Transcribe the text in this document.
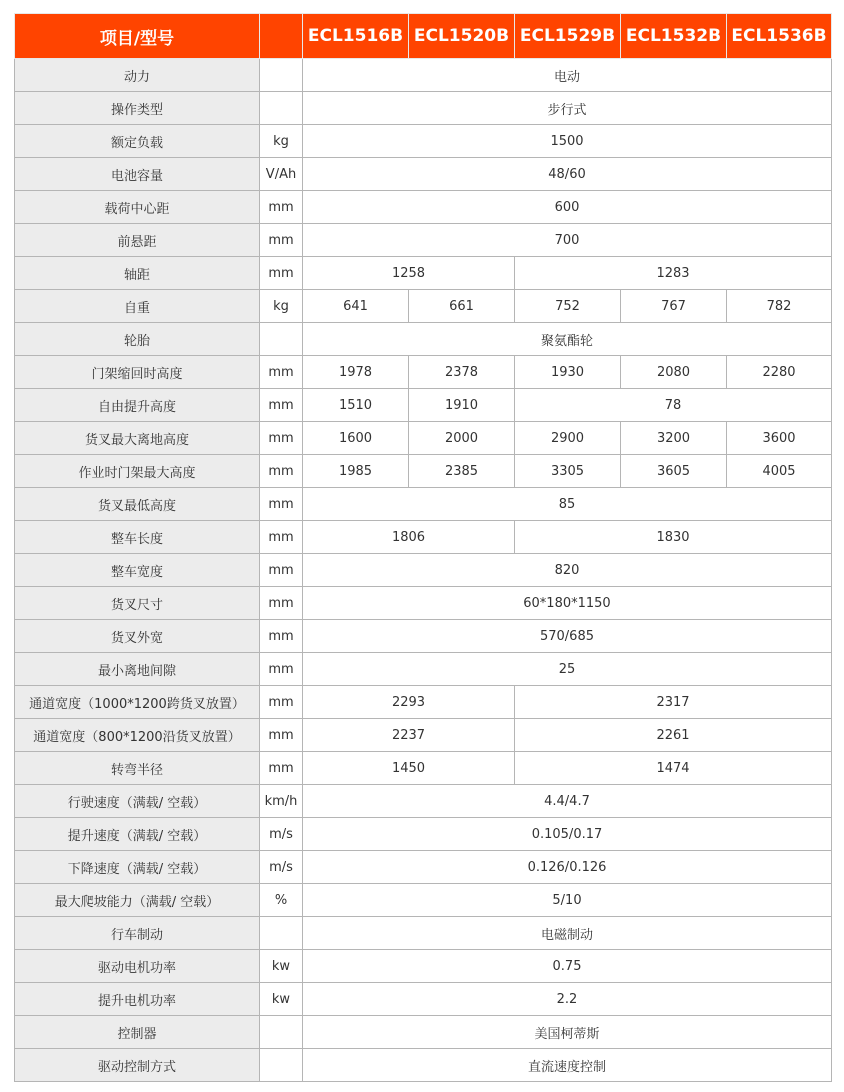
项目/型号		ECL1516B	ECL1520B	ECL1529B	ECL1532B	ECL1536B
动力		电动				
操作类型		步行式				
额定负载	kg	1500				
电池容量	V/Ah	48/60				
载荷中心距	mm	600				
前悬距	mm	700				
轴距	mm	1258		1283		
自重	kg	641	661	752	767	782
轮胎		聚氨酯轮				
门架缩回时高度	mm	1978	2378	1930	2080	2280
自由提升高度	mm	1510	1910	78		
货叉最大离地高度	mm	1600	2000	2900	3200	3600
作业时门架最大高度	mm	1985	2385	3305	3605	4005
货叉最低高度	mm	85				
整车长度	mm	1806		1830		
整车宽度	mm	820				
货叉尺寸	mm	60*180*1150				
货叉外宽	mm	570/685				
最小离地间隙	mm	25				
通道宽度（1000*1200跨货叉放置）	mm	2293		2317		
通道宽度（800*1200沿货叉放置）	mm	2237		2261		
转弯半径	mm	1450		1474		
行驶速度（满载/ 空载）	km/h	4.4/4.7				
提升速度（满载/ 空载）	m/s	0.105/0.17				
下降速度（满载/ 空载）	m/s	0.126/0.126				
最大爬坡能力（满载/ 空载）	%	5/10				
行车制动		电磁制动				
驱动电机功率	kw	0.75				
提升电机功率	kw	2.2				
控制器		美国柯蒂斯				
驱动控制方式		直流速度控制				
